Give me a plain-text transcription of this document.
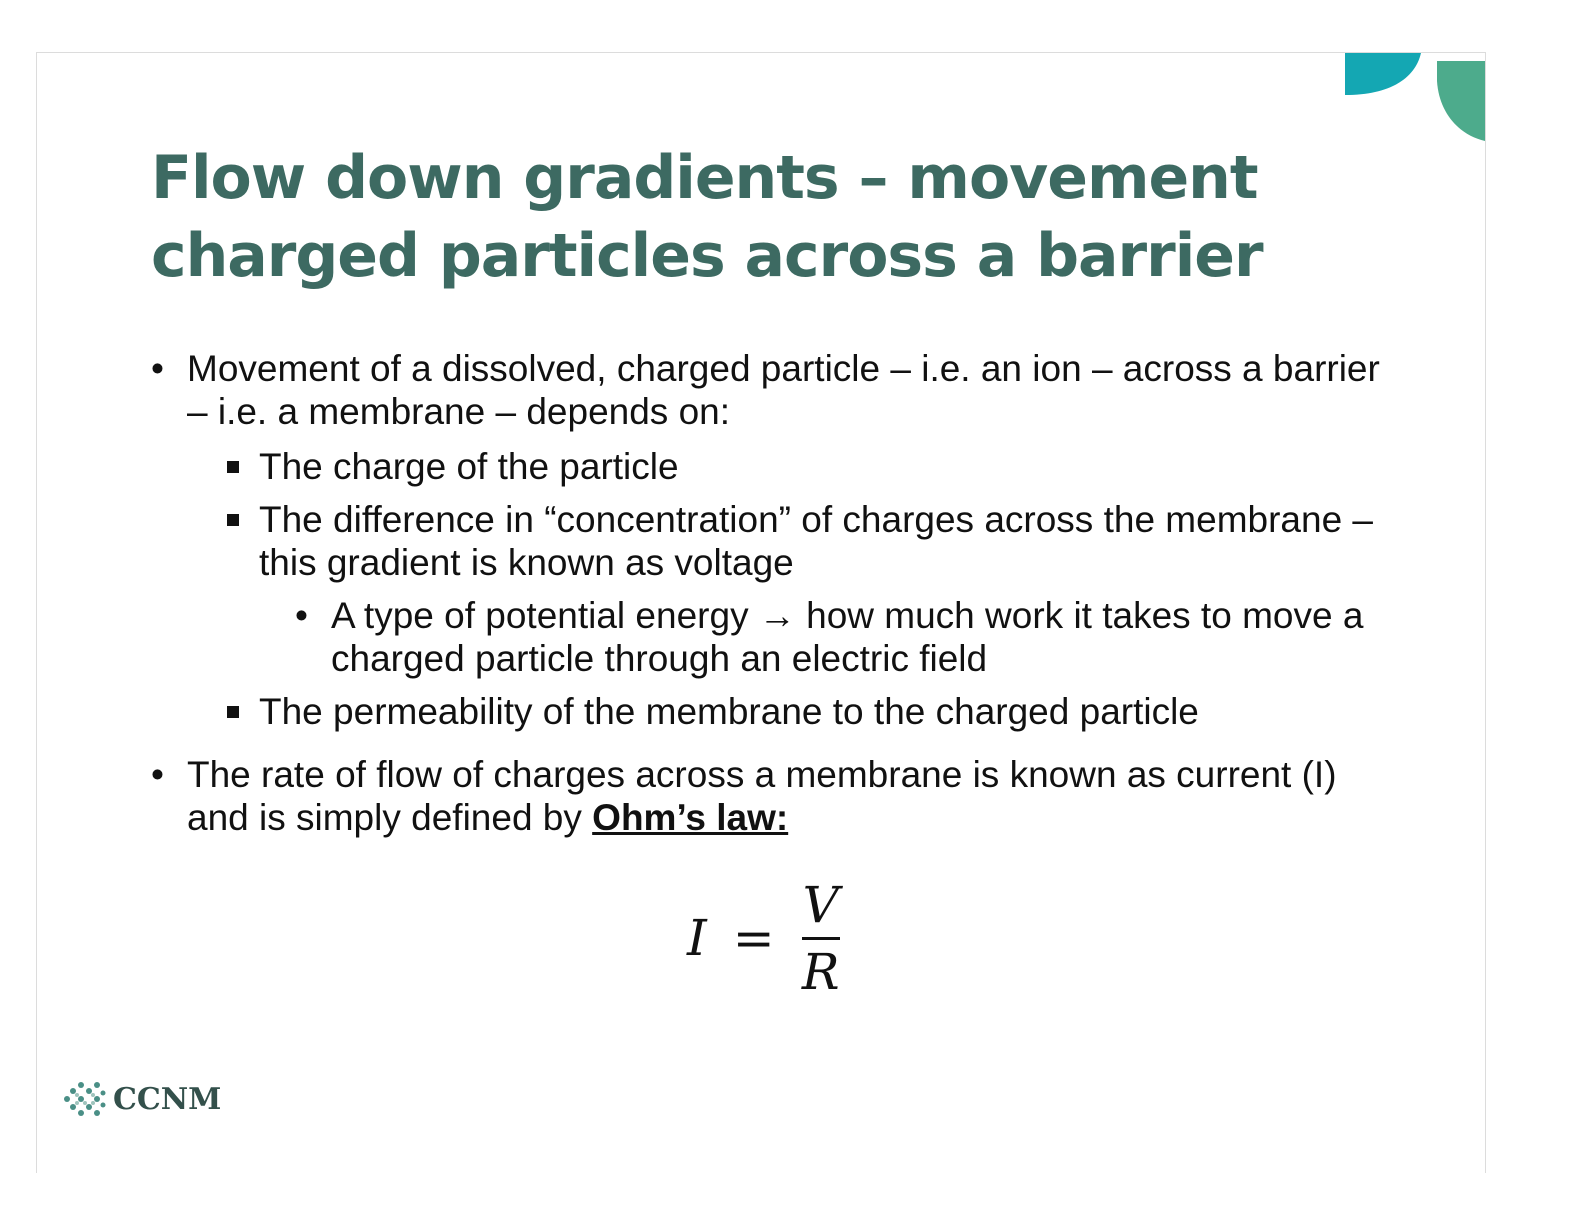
Flow down gradients – movement
charged particles across a barrier
• Movement of a dissolved, charged particle – i.e. an ion – across a barrier – i.e. a membrane – depends on:
The charge of the particle
The difference in “concentration” of charges across the membrane – this gradient is known as voltage
• A type of potential energy → how much work it takes to move a charged particle through an electric field
The permeability of the membrane to the charged particle
• The rate of flow of charges across a membrane is known as current (I) and is simply defined by Ohm’s law:
$I = \frac{V}{R}$
CCNM
